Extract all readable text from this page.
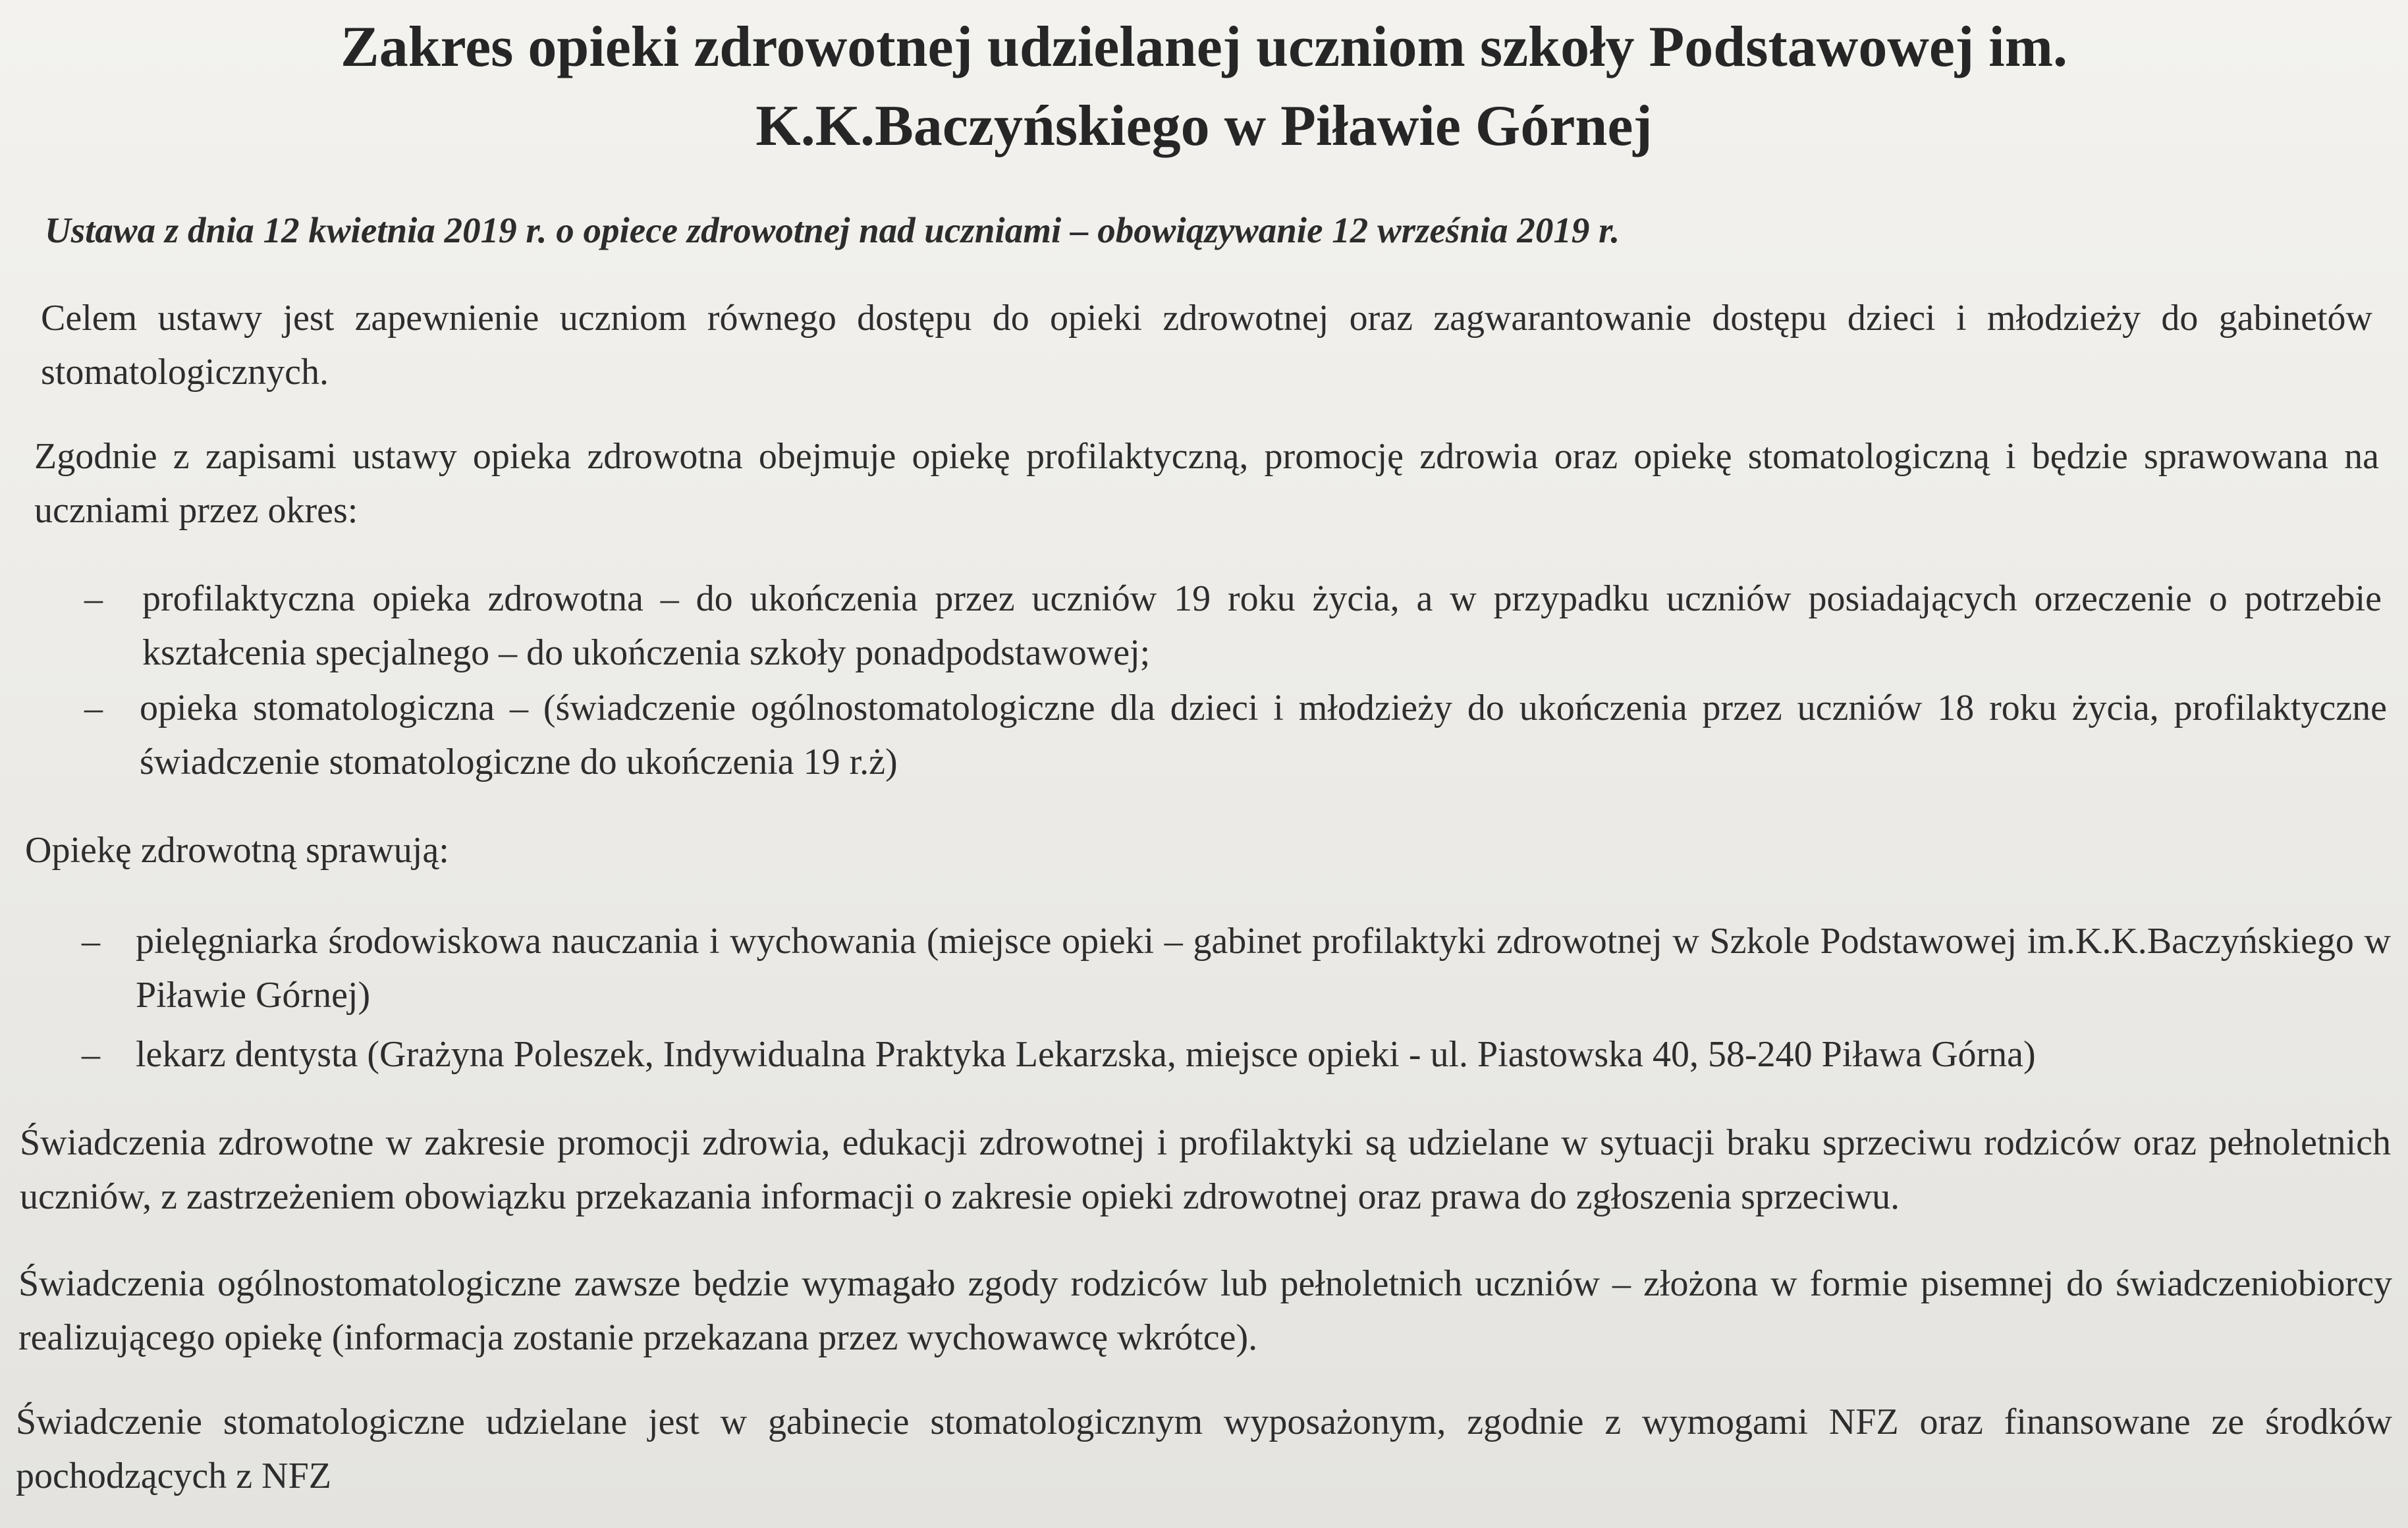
Zakres opieki zdrowotnej udzielanej uczniom szkoły Podstawowej im.
K.K.Baczyńskiego w Piławie Górnej
Ustawa z dnia 12 kwietnia 2019 r. o opiece zdrowotnej nad uczniami – obowiązywanie 12 września 2019 r.
Celem ustawy jest zapewnienie uczniom równego dostępu do opieki zdrowotnej oraz zagwarantowanie dostępu dzieci i młodzieży do gabinetów stomatologicznych.
Zgodnie z zapisami ustawy opieka zdrowotna obejmuje opiekę profilaktyczną, promocję zdrowia oraz opiekę stomatologiczną i będzie sprawowana na uczniami przez okres:
– profilaktyczna opieka zdrowotna – do ukończenia przez uczniów 19 roku życia, a w przypadku uczniów posiadających orzeczenie o potrzebie kształcenia specjalnego – do ukończenia szkoły ponadpodstawowej;
– opieka stomatologiczna – (świadczenie ogólnostomatologiczne dla dzieci i młodzieży do ukończenia przez uczniów 18 roku życia, profilaktyczne świadczenie stomatologiczne do ukończenia 19 r.ż)
Opiekę zdrowotną sprawują:
– pielęgniarka środowiskowa nauczania i wychowania (miejsce opieki – gabinet profilaktyki zdrowotnej w Szkole Podstawowej im.K.K.Baczyńskiego w Piławie Górnej)
– lekarz dentysta (Grażyna Poleszek, Indywidualna Praktyka Lekarzska, miejsce opieki - ul. Piastowska 40, 58-240 Piława Górna)
Świadczenia zdrowotne w zakresie promocji zdrowia, edukacji zdrowotnej i profilaktyki są udzielane w sytuacji braku sprzeciwu rodziców oraz pełnoletnich uczniów, z zastrzeżeniem obowiązku przekazania informacji o zakresie opieki zdrowotnej oraz prawa do zgłoszenia sprzeciwu.
Świadczenia ogólnostomatologiczne zawsze będzie wymagało zgody rodziców lub pełnoletnich uczniów – złożona w formie pisemnej do świadczeniobiorcy realizującego opiekę (informacja zostanie przekazana przez wychowawcę wkrótce).
Świadczenie stomatologiczne udzielane jest w gabinecie stomatologicznym wyposażonym, zgodnie z wymogami NFZ oraz finansowane ze środków pochodzących z NFZ
